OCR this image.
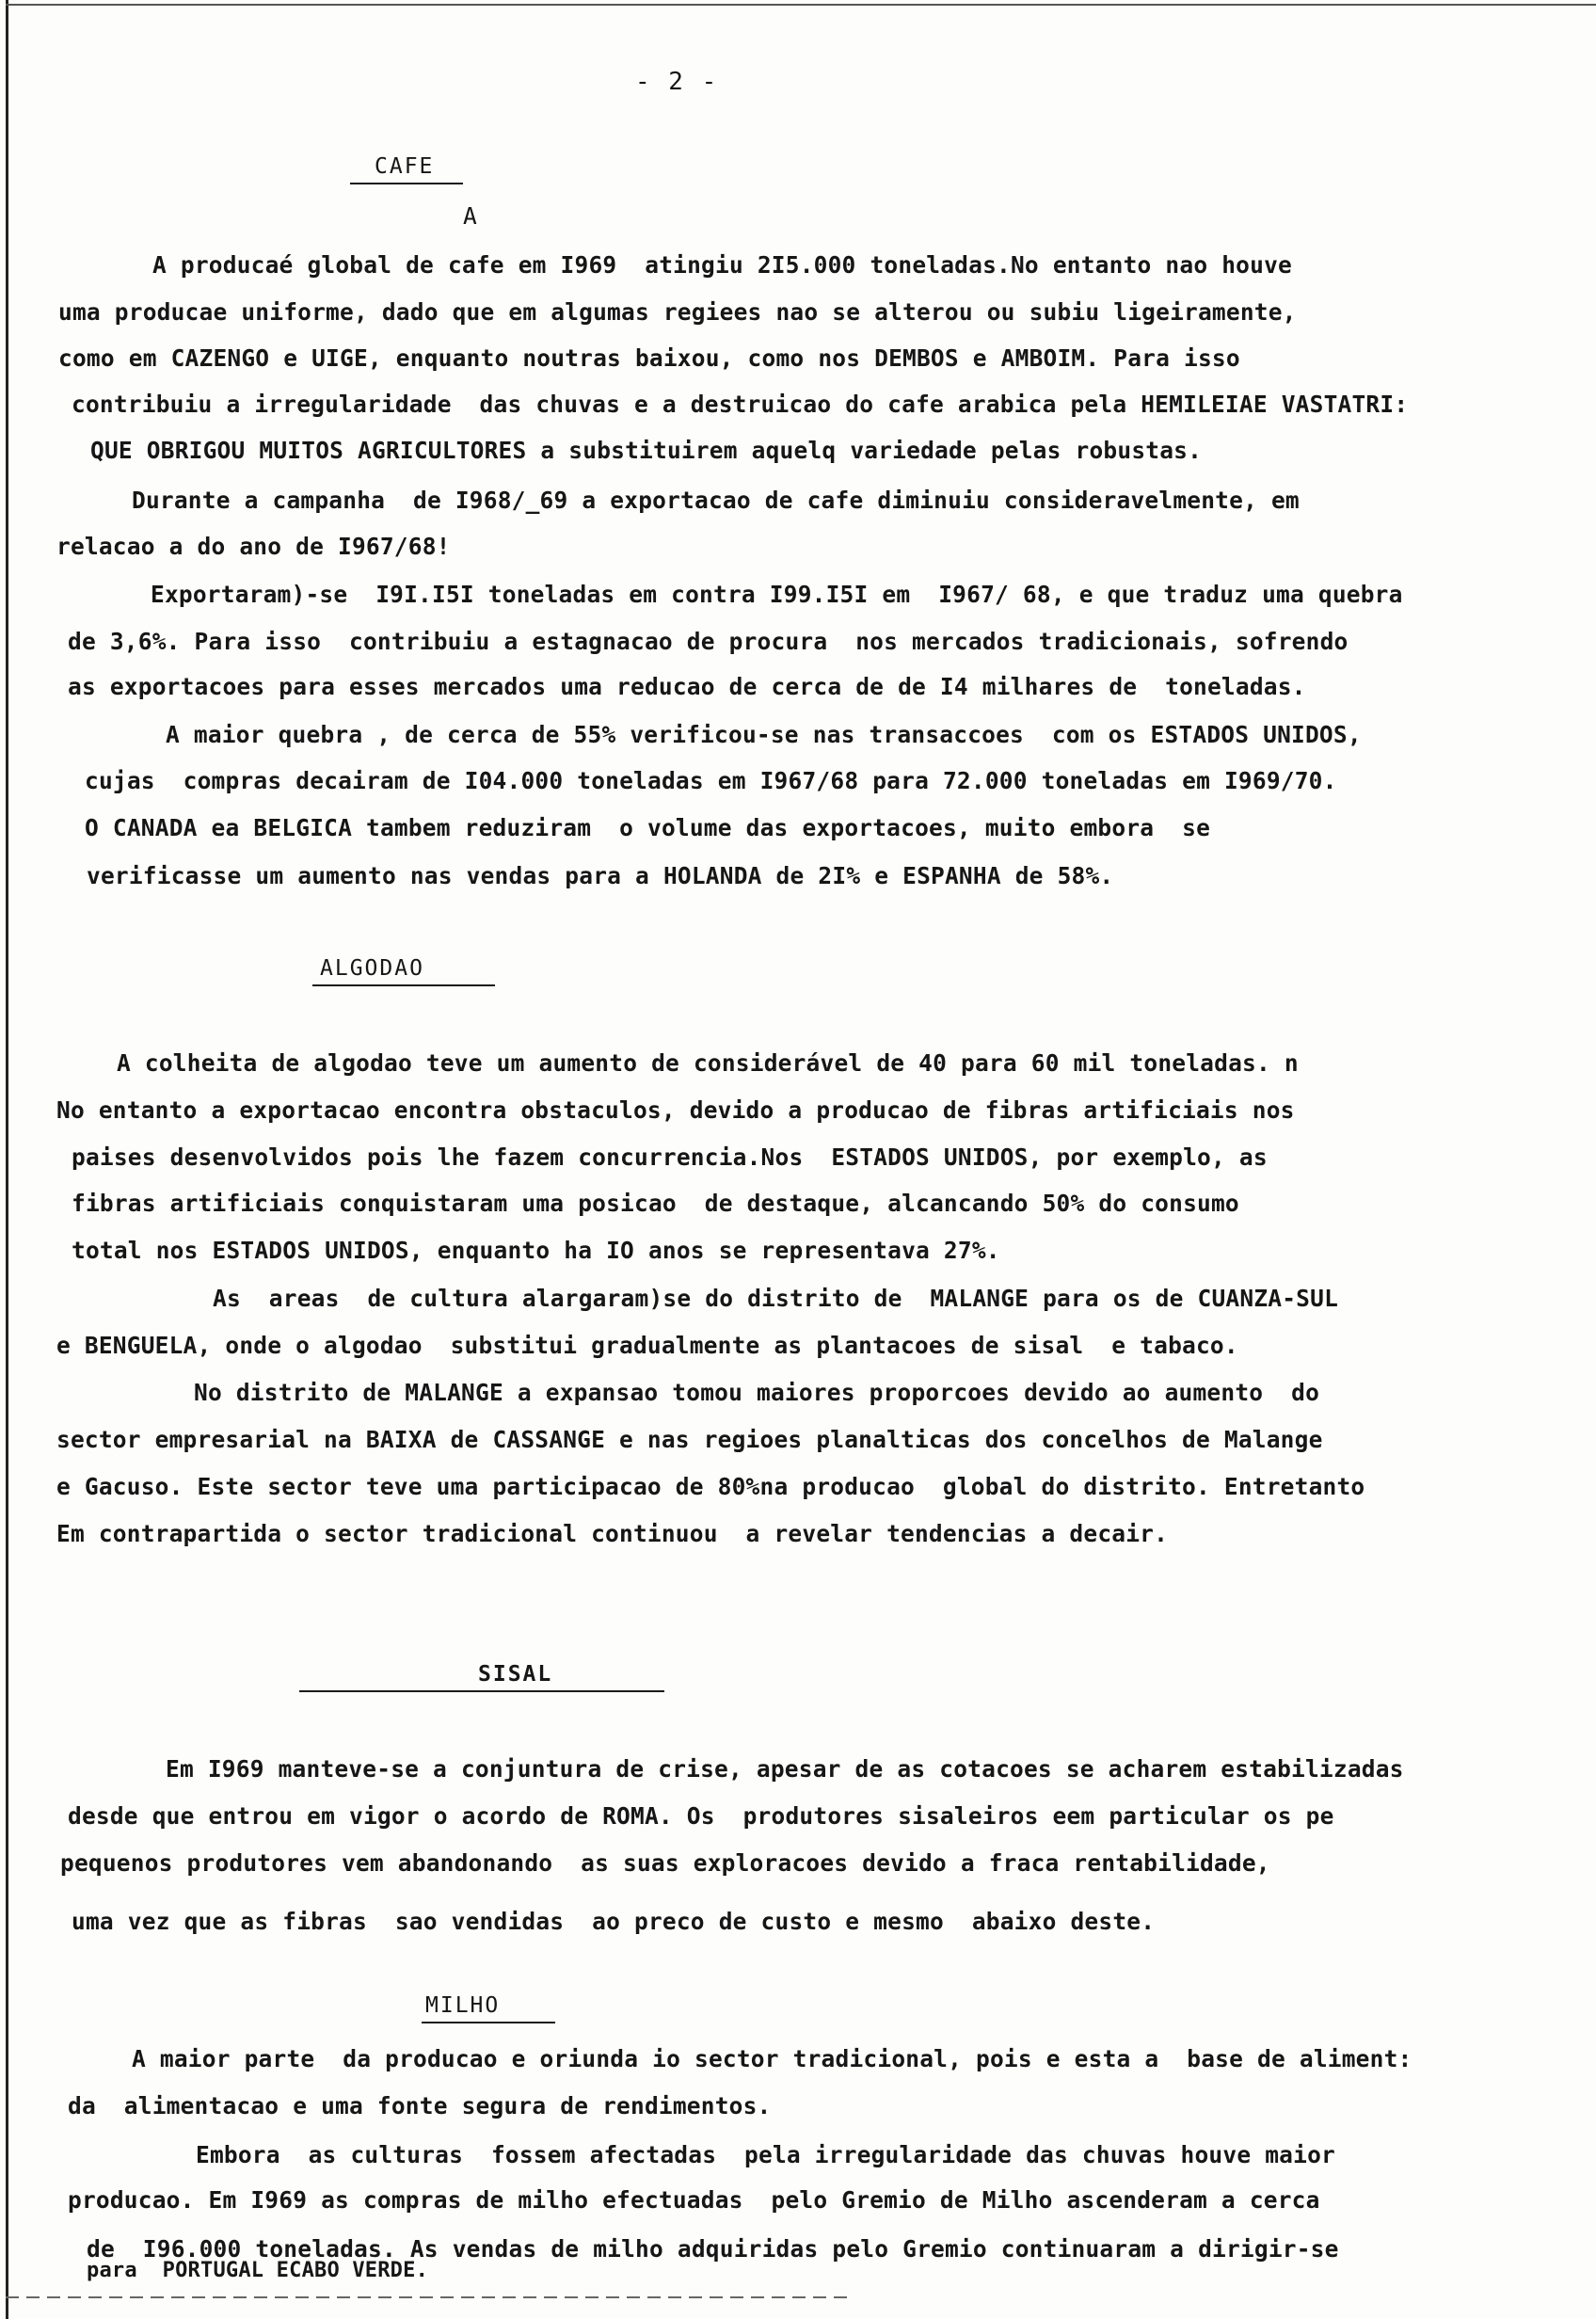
- 2 -
CAFE
A
A producaé global de cafe em I969  atingiu 2I5.000 toneladas.No entanto nao houve
uma producae uniforme, dado que em algumas regiees nao se alterou ou subiu ligeiramente,
como em CAZENGO e UIGE, enquanto noutras baixou, como nos DEMBOS e AMBOIM. Para isso
contribuiu a irregularidade  das chuvas e a destruicao do cafe arabica pela HEMILEIAE VASTATRI:
QUE OBRIGOU MUITOS AGRICULTORES a substituirem aquelq variedade pelas robustas.
Durante a campanha  de I968∕_69 a exportacao de cafe diminuiu consideravelmente, em
relacao a do ano de I967/68!
Exportaram)-se  I9I.I5I toneladas em contra I99.I5I em  I967/ 68, e que traduz uma quebra
de 3,6%. Para isso  contribuiu a estagnacao de procura  nos mercados tradicionais, sofrendo
as exportacoes para esses mercados uma reducao de cerca de de I4 milhares de  toneladas.
A maior quebra , de cerca de 55% verificou-se nas transaccoes  com os ESTADOS UNIDOS,
cujas  compras decairam de I04.000 toneladas em I967/68 para 72.000 toneladas em I969/70.
O CANADA ea BELGICA tambem reduziram  o volume das exportacoes, muito embora  se
verificasse um aumento nas vendas para a HOLANDA de 2I% e ESPANHA de 58%.
ALGODAO
A colheita de algodao teve um aumento de considerável de 40 para 60 mil toneladas. n
No entanto a exportacao encontra obstaculos, devido a producao de fibras artificiais nos
paises desenvolvidos pois lhe fazem concurrencia.Nos  ESTADOS UNIDOS, por exemplo, as
fibras artificiais conquistaram uma posicao  de destaque, alcancando 50% do consumo
total nos ESTADOS UNIDOS, enquanto ha IO anos se representava 27%.
As  areas  de cultura alargaram)se do distrito de  MALANGE para os de CUANZA-SUL
e BENGUELA, onde o algodao  substitui gradualmente as plantacoes de sisal  e tabaco.
No distrito de MALANGE a expansao tomou maiores proporcoes devido ao aumento  do
sector empresarial na BAIXA de CASSANGE e nas regioes planalticas dos concelhos de Malange
e Gacuso. Este sector teve uma participacao de 80%na producao  global do distrito. Entretanto
Em contrapartida o sector tradicional continuou  a revelar tendencias a decair.
SISAL
Em I969 manteve-se a conjuntura de crise, apesar de as cotacoes se acharem estabilizadas
desde que entrou em vigor o acordo de ROMA. Os  produtores sisaleiros eem particular os pe
pequenos produtores vem abandonando  as suas exploracoes devido a fraca rentabilidade,
uma vez que as fibras  sao vendidas  ao preco de custo e mesmo  abaixo deste.
MILHO
A maior parte  da producao e oriunda io sector tradicional, pois e esta a  base de aliment:
da  alimentacao e uma fonte segura de rendimentos.
Embora  as culturas  fossem afectadas  pela irregularidade das chuvas houve maior
producao. Em I969 as compras de milho efectuadas  pelo Gremio de Milho ascenderam a cerca
de  I96.000 toneladas. As vendas de milho adquiridas pelo Gremio continuaram a dirigir-se
para  PORTUGAL ECABO VERDE.
